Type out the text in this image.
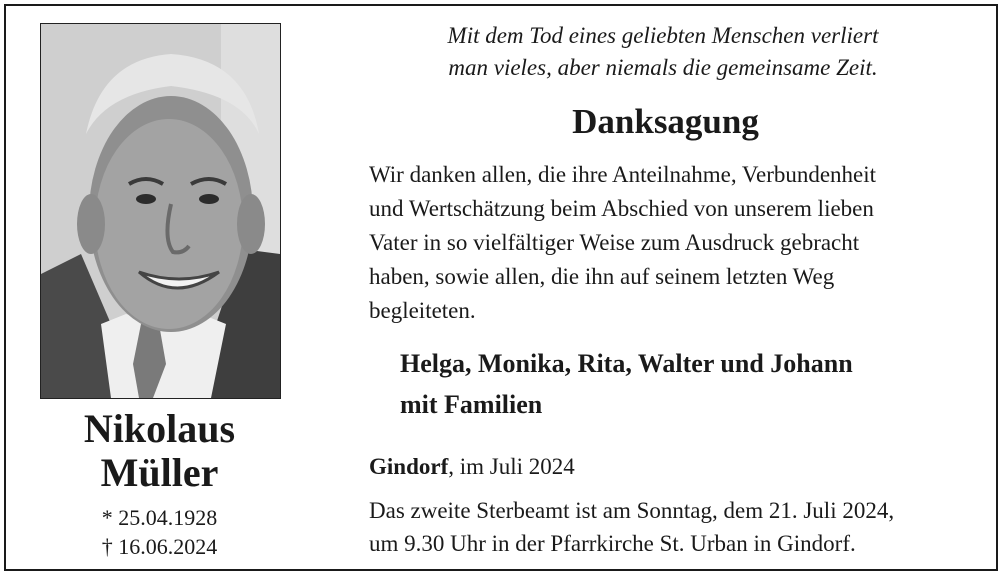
Nikolaus
Müller
* 25.04.1928
† 16.06.2024
Mit dem Tod eines geliebten Menschen verliert
man vieles, aber niemals die gemeinsame Zeit.
Danksagung
Wir danken allen, die ihre Anteilnahme, Verbundenheit
und Wertschätzung beim Abschied von unserem lieben
Vater in so vielfältiger Weise zum Ausdruck gebracht
haben, sowie allen, die ihn auf seinem letzten Weg
begleiteten.
Helga, Monika, Rita, Walter und Johann
mit Familien
Gindorf, im Juli 2024
Das zweite Sterbeamt ist am Sonntag, dem 21. Juli 2024,
um 9.30 Uhr in der Pfarrkirche St. Urban in Gindorf.
